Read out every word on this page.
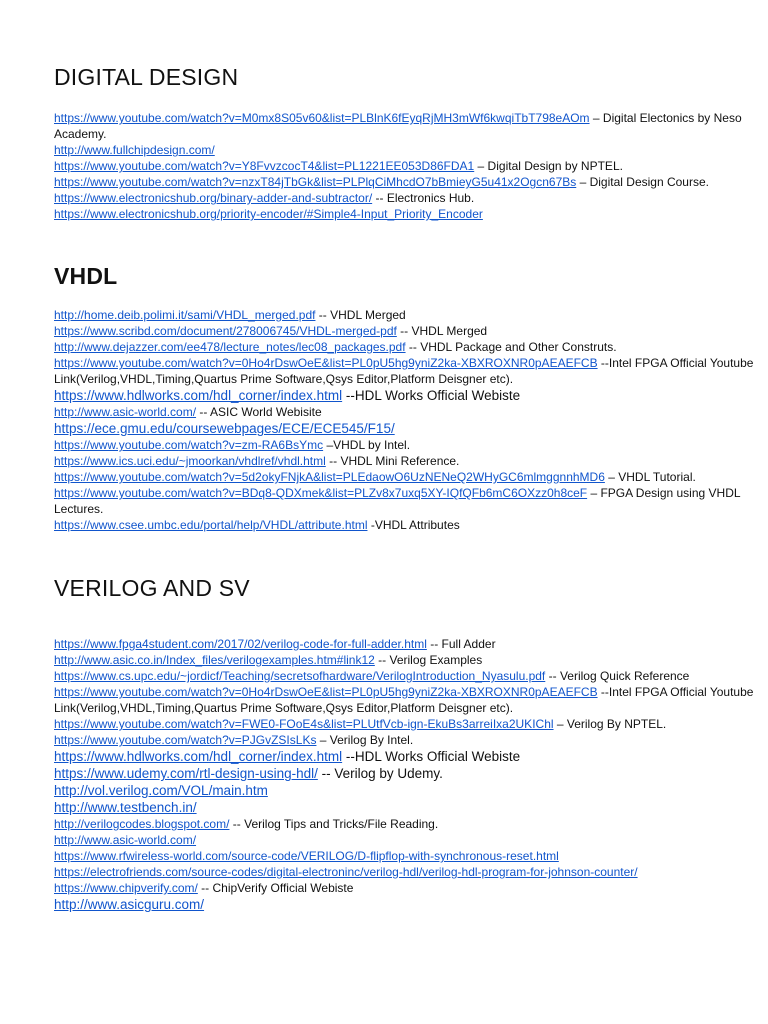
DIGITAL DESIGN
https://www.youtube.com/watch?v=M0mx8S05v60&list=PLBlnK6fEyqRjMH3mWf6kwqiTbT798eAOm – Digital Electonics by Neso Academy.
http://www.fullchipdesign.com/
https://www.youtube.com/watch?v=Y8FvvzcocT4&list=PL1221EE053D86FDA1 – Digital Design by NPTEL.
https://www.youtube.com/watch?v=nzxT84jTbGk&list=PLPlqCiMhcdO7bBmieyG5u41x2Ogcn67Bs – Digital Design Course.
https://www.electronicshub.org/binary-adder-and-subtractor/ -- Electronics Hub.
https://www.electronicshub.org/priority-encoder/#Simple4-Input_Priority_Encoder
VHDL
http://home.deib.polimi.it/sami/VHDL_merged.pdf -- VHDL Merged
https://www.scribd.com/document/278006745/VHDL-merged-pdf -- VHDL Merged
http://www.dejazzer.com/ee478/lecture_notes/lec08_packages.pdf -- VHDL Package and Other Construts.
https://www.youtube.com/watch?v=0Ho4rDswOeE&list=PL0pU5hg9yniZ2ka-XBXROXNR0pAEAEFCB --Intel FPGA Official Youtube Link(Verilog,VHDL,Timing,Quartus Prime Software,Qsys Editor,Platform Deisgner etc).
https://www.hdlworks.com/hdl_corner/index.html --HDL Works Official Webiste
http://www.asic-world.com/ -- ASIC World Webisite
https://ece.gmu.edu/coursewebpages/ECE/ECE545/F15/
https://www.youtube.com/watch?v=zm-RA6BsYmc –VHDL by Intel.
https://www.ics.uci.edu/~jmoorkan/vhdlref/vhdl.html -- VHDL Mini Reference.
https://www.youtube.com/watch?v=5d2okyFNjkA&list=PLEdaowO6UzNENeQ2WHyGC6mlmggnnhMD6 – VHDL Tutorial.
https://www.youtube.com/watch?v=BDq8-QDXmek&list=PLZv8x7uxq5XY-IQfQFb6mC6OXzz0h8ceF – FPGA Design using VHDL Lectures.
https://www.csee.umbc.edu/portal/help/VHDL/attribute.html -VHDL Attributes
VERILOG AND SV
https://www.fpga4student.com/2017/02/verilog-code-for-full-adder.html -- Full Adder
http://www.asic.co.in/Index_files/verilogexamples.htm#link12 -- Verilog Examples
https://www.cs.upc.edu/~jordicf/Teaching/secretsofhardware/VerilogIntroduction_Nyasulu.pdf -- Verilog Quick Reference
https://www.youtube.com/watch?v=0Ho4rDswOeE&list=PL0pU5hg9yniZ2ka-XBXROXNR0pAEAEFCB --Intel FPGA Official Youtube Link(Verilog,VHDL,Timing,Quartus Prime Software,Qsys Editor,Platform Deisgner etc).
https://www.youtube.com/watch?v=FWE0-FOoE4s&list=PLUtfVcb-ign-EkuBs3arreiIxa2UKIChl – Verilog By NPTEL.
https://www.youtube.com/watch?v=PJGvZSIsLKs – Verilog By Intel.
https://www.hdlworks.com/hdl_corner/index.html --HDL Works Official Webiste
https://www.udemy.com/rtl-design-using-hdl/ -- Verilog by Udemy.
http://vol.verilog.com/VOL/main.htm
http://www.testbench.in/
http://verilogcodes.blogspot.com/ -- Verilog Tips and Tricks/File Reading.
http://www.asic-world.com/
https://www.rfwireless-world.com/source-code/VERILOG/D-flipflop-with-synchronous-reset.html
https://electrofriends.com/source-codes/digital-electroninc/verilog-hdl/verilog-hdl-program-for-johnson-counter/
https://www.chipverify.com/ -- ChipVerify Official Webiste
http://www.asicguru.com/
